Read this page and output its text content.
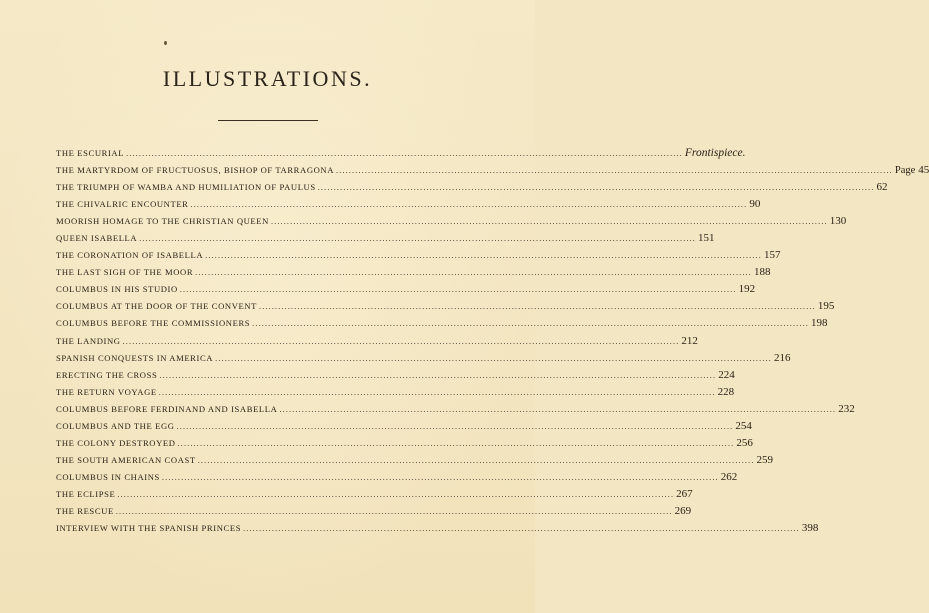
ILLUSTRATIONS.
THE ESCURIAL .....	Frontispiece.
THE MARTYRDOM OF FRUCTUOSUS, BISHOP OF TARRAGONA .....	Page 45
THE TRIUMPH OF WAMBA AND HUMILIATION OF PAULUS .....	62
THE CHIVALRIC ENCOUNTER .....	90
MOORISH HOMAGE TO THE CHRISTIAN QUEEN .....	130
QUEEN ISABELLA .....	151
THE CORONATION OF ISABELLA .....	157
THE LAST SIGH OF THE MOOR .....	188
COLUMBUS IN HIS STUDIO .....	192
COLUMBUS AT THE DOOR OF THE CONVENT .....	195
COLUMBUS BEFORE THE COMMISSIONERS .....	198
THE LANDING .....	212
SPANISH CONQUESTS IN AMERICA .....	216
ERECTING THE CROSS .....	224
THE RETURN VOYAGE .....	228
COLUMBUS BEFORE FERDINAND AND ISABELLA .....	232
COLUMBUS AND THE EGG .....	254
THE COLONY DESTROYED .....	256
THE SOUTH AMERICAN COAST .....	259
COLUMBUS IN CHAINS .....	262
THE ECLIPSE .....	267
THE RESCUE .....	269
INTERVIEW WITH THE SPANISH PRINCES .....	398
